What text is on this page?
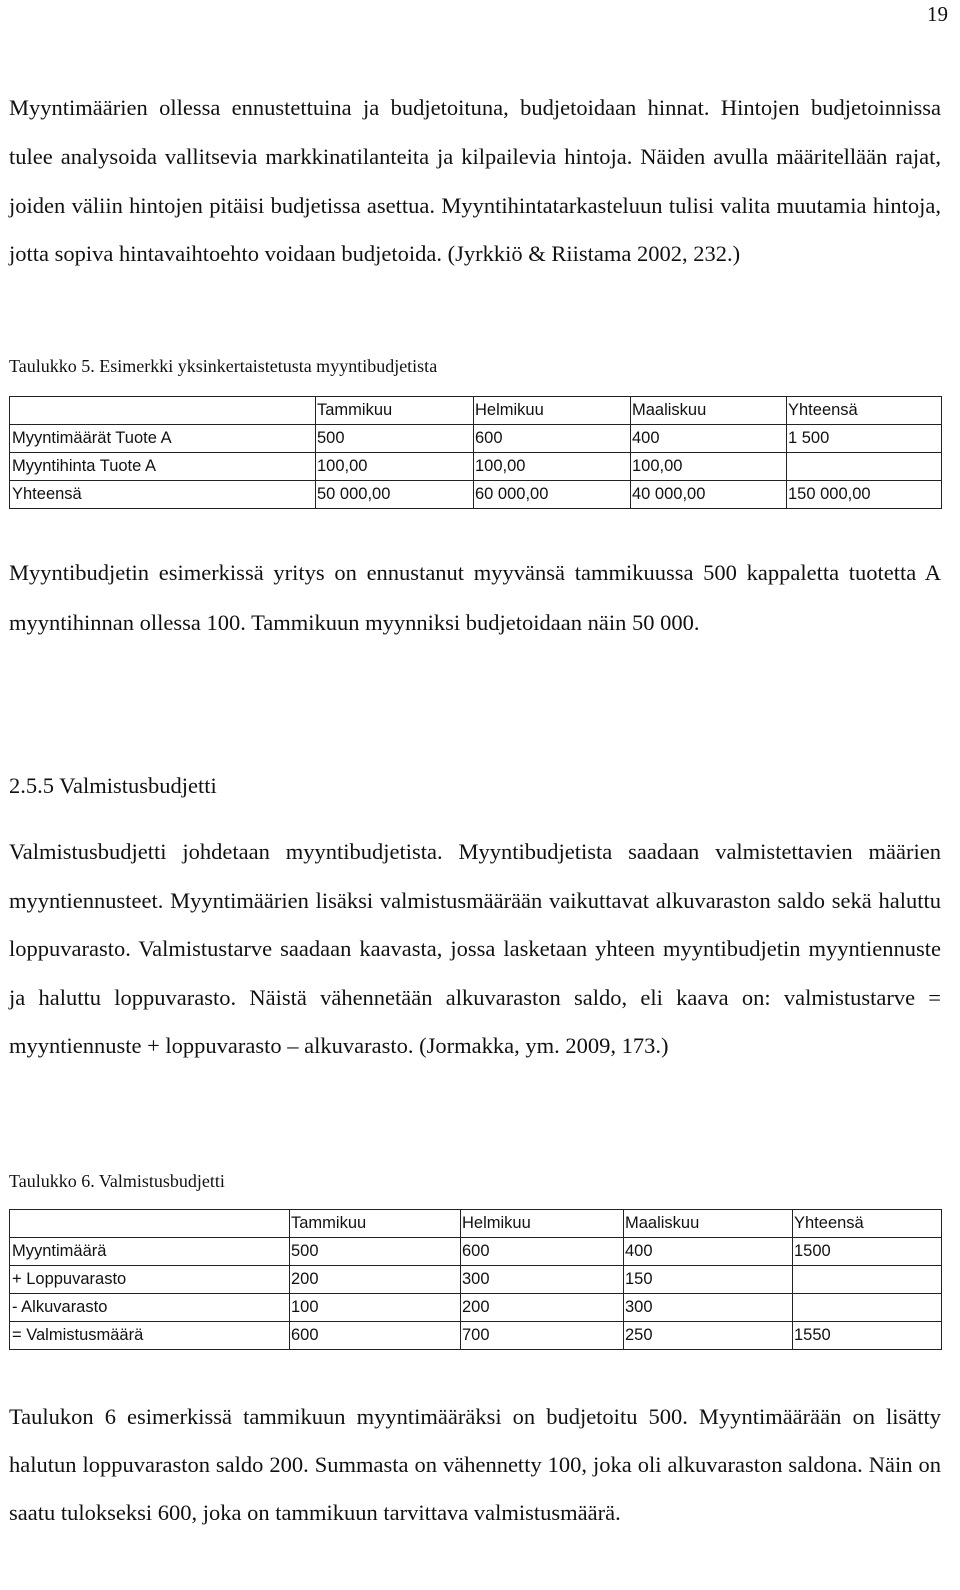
19

Myyntimäärien ollessa ennustettuina ja budjetoituna, budjetoidaan hinnat. Hintojen budjetoinnissa tulee analysoida vallitsevia markkinatilanteita ja kilpailevia hintoja. Näiden avulla määritellään rajat, joiden väliin hintojen pitäisi budjetissa asettua. Myyntihintatarkasteluun tulisi valita muutamia hintoja, jotta sopiva hintavaihtoehto voidaan budjetoida. (Jyrkkiö & Riistama 2002, 232.)

Taulukko 5. Esimerkki yksinkertaistetusta myyntibudjetista
	Tammikuu	Helmikuu	Maaliskuu	Yhteensä
Myyntimäärät Tuote A	500	600	400	1 500
Myyntihinta Tuote A	100,00	100,00	100,00	
Yhteensä	50 000,00	60 000,00	40 000,00	150 000,00

Myyntibudjetin esimerkissä yritys on ennustanut myyvänsä tammikuussa 500 kappaletta tuotetta A myyntihinnan ollessa 100. Tammikuun myynniksi budjetoidaan näin 50 000.

2.5.5 Valmistusbudjetti

Valmistusbudjetti johdetaan myyntibudjetista. Myyntibudjetista saadaan valmistettavien määrien myyntiennusteet. Myyntimäärien lisäksi valmistusmäärään vaikuttavat alkuvaraston saldo sekä haluttu loppuvarasto. Valmistustarve saadaan kaavasta, jossa lasketaan yhteen myyntibudjetin myyntiennuste ja haluttu loppuvarasto. Näistä vähennetään alkuvaraston saldo, eli kaava on: valmistustarve = myyntiennuste + loppuvarasto – alkuvarasto. (Jormakka, ym. 2009, 173.)

Taulukko 6. Valmistusbudjetti
	Tammikuu	Helmikuu	Maaliskuu	Yhteensä
Myyntimäärä	500	600	400	1500
+ Loppuvarasto	200	300	150	
- Alkuvarasto	100	200	300	
= Valmistusmäärä	600	700	250	1550

Taulukon 6 esimerkissä tammikuun myyntimääräksi on budjetoitu 500. Myyntimäärään on lisätty halutun loppuvaraston saldo 200. Summasta on vähennetty 100, joka oli alkuvaraston saldona. Näin on saatu tulokseksi 600, joka on tammikuun tarvittava valmistusmäärä.
